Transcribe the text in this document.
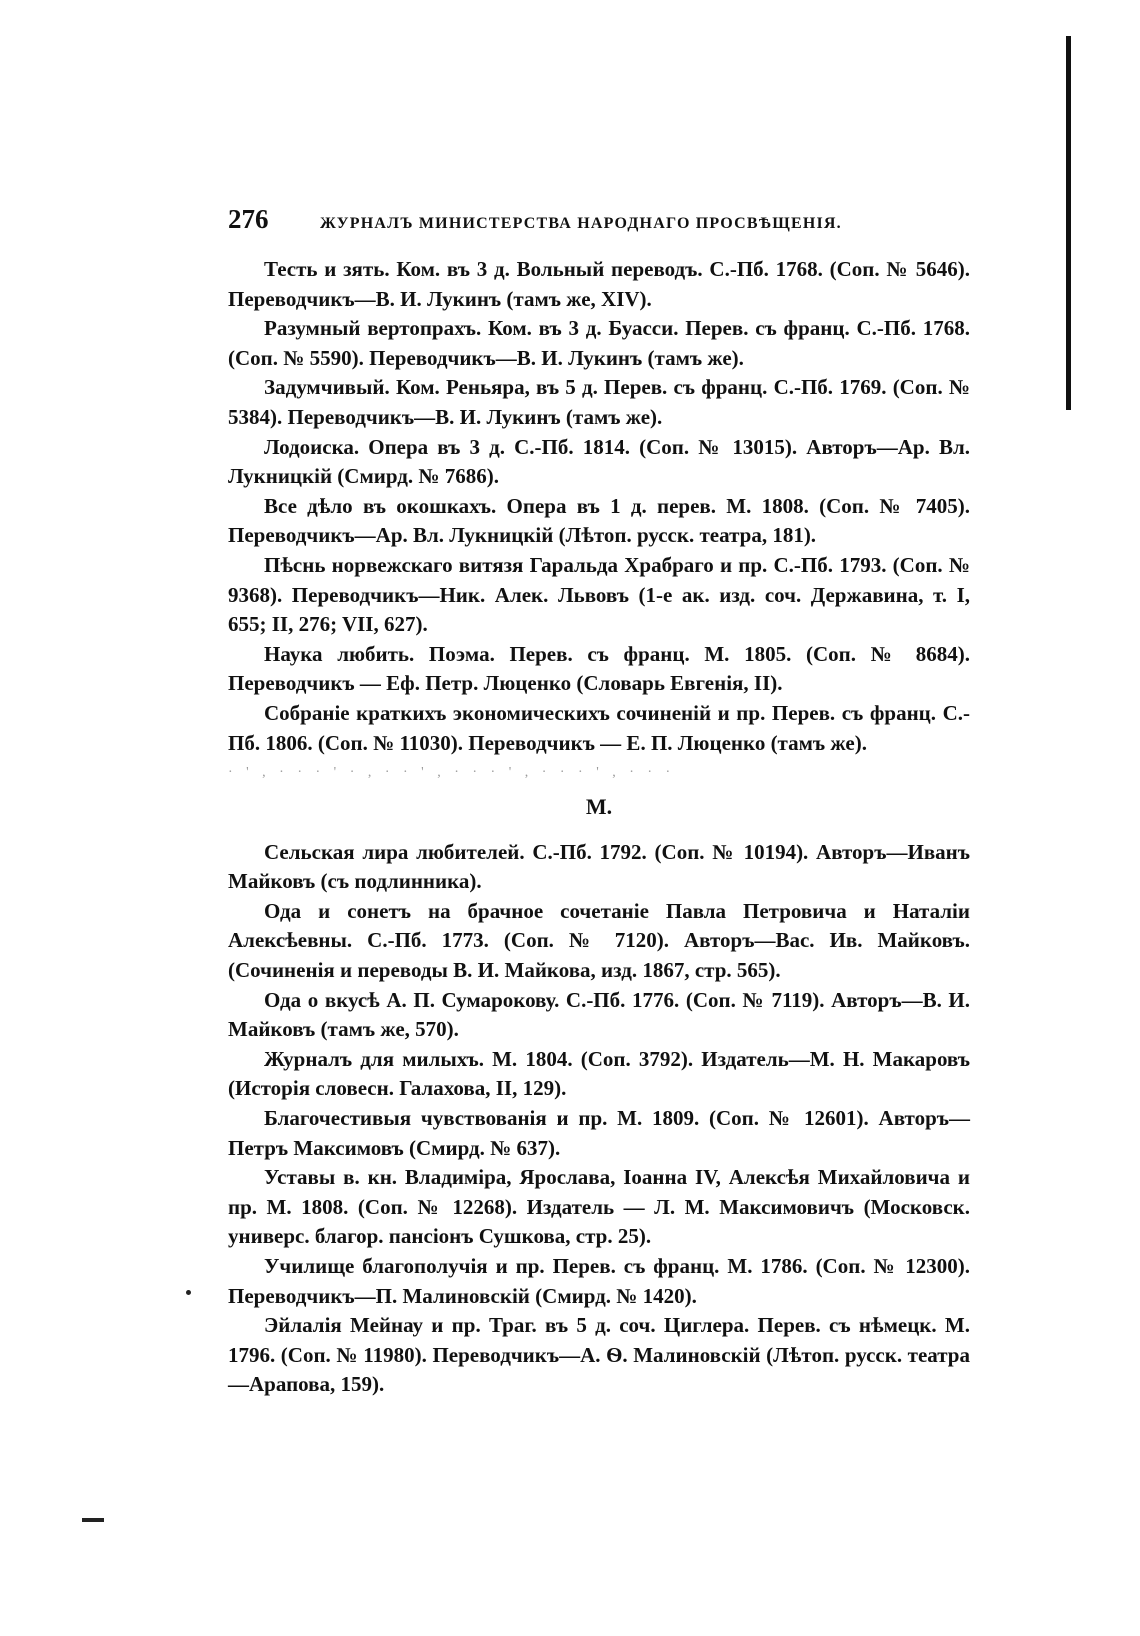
276	ЖУРНАЛЪ МИНИСТЕРСТВА НАРОДНАГО ПРОСВѢЩЕНІЯ.

Тесть и зять. Ком. въ 3 д. Вольный переводъ. С.-Пб. 1768. (Соп. № 5646). Переводчикъ—В. И. Лукинъ (тамъ же, XIV).

Разумный вертопрахъ. Ком. въ 3 д. Буасси. Перев. съ франц. С.-Пб. 1768. (Соп. № 5590). Переводчикъ—В. И. Лукинъ (тамъ же).

Задумчивый. Ком. Реньяра, въ 5 д. Перев. съ франц. С.-Пб. 1769. (Соп. № 5384). Переводчикъ—В. И. Лукинъ (тамъ же).

Лодоиска. Опера въ 3 д. С.-Пб. 1814. (Соп. № 13015). Авторъ—Ар. Вл. Лукницкій (Смирд. № 7686).

Все дѣло въ окошкахъ. Опера въ 1 д. перев. М. 1808. (Соп. № 7405). Переводчикъ—Ар. Вл. Лукницкій (Лѣтоп. русск. театра, 181).

Пѣснь норвежскаго витязя Гаральда Храбраго и пр. С.-Пб. 1793. (Соп. № 9368). Переводчикъ—Ник. Алек. Львовъ (1-е ак. изд. соч. Державина, т. I, 655; II, 276; VII, 627).

Наука любить. Поэма. Перев. съ франц. М. 1805. (Соп. № 8684). Переводчикъ — Еф. Петр. Люценко (Словарь Евгенія, II).

Собраніе краткихъ экономическихъ сочиненій и пр. Перев. съ франц. С.-Пб. 1806. (Соп. № 11030). Переводчикъ — Е. П. Люценко (тамъ же).

· ' , · · · ' · , · · ' , · · · ' , · · · ' , · · ·
М.

Сельская лира любителей. С.-Пб. 1792. (Соп. № 10194). Авторъ—Иванъ Майковъ (съ подлинника).

Ода и сонетъ на брачное сочетаніе Павла Петровича и Наталіи Алексѣевны. С.-Пб. 1773. (Соп. № 7120). Авторъ—Вас. Ив. Майковъ. (Сочиненія и переводы В. И. Майкова, изд. 1867, стр. 565).

Ода о вкусѣ А. П. Сумарокову. С.-Пб. 1776. (Соп. № 7119). Авторъ—В. И. Майковъ (тамъ же, 570).

Журналъ для милыхъ. М. 1804. (Соп. 3792). Издатель—М. Н. Макаровъ (Исторія словесн. Галахова, II, 129).

Благочестивыя чувствованія и пр. М. 1809. (Соп. № 12601). Авторъ—Петръ Максимовъ (Смирд. № 637).

Уставы в. кн. Владиміра, Ярослава, Іоанна IV, Алексѣя Михайловича и пр. М. 1808. (Соп. № 12268). Издатель — Л. М. Максимовичъ (Московск. универс. благор. пансіонъ Сушкова, стр. 25).

Училище благополучія и пр. Перев. съ франц. М. 1786. (Соп. № 12300). Переводчикъ—П. Малиновскій (Смирд. № 1420).

Эйлалія Мейнау и пр. Траг. въ 5 д. соч. Циглера. Перев. съ нѣмецк. М. 1796. (Соп. № 11980). Переводчикъ—А. Ѳ. Малиновскій (Лѣтоп. русск. театра—Арапова, 159).
